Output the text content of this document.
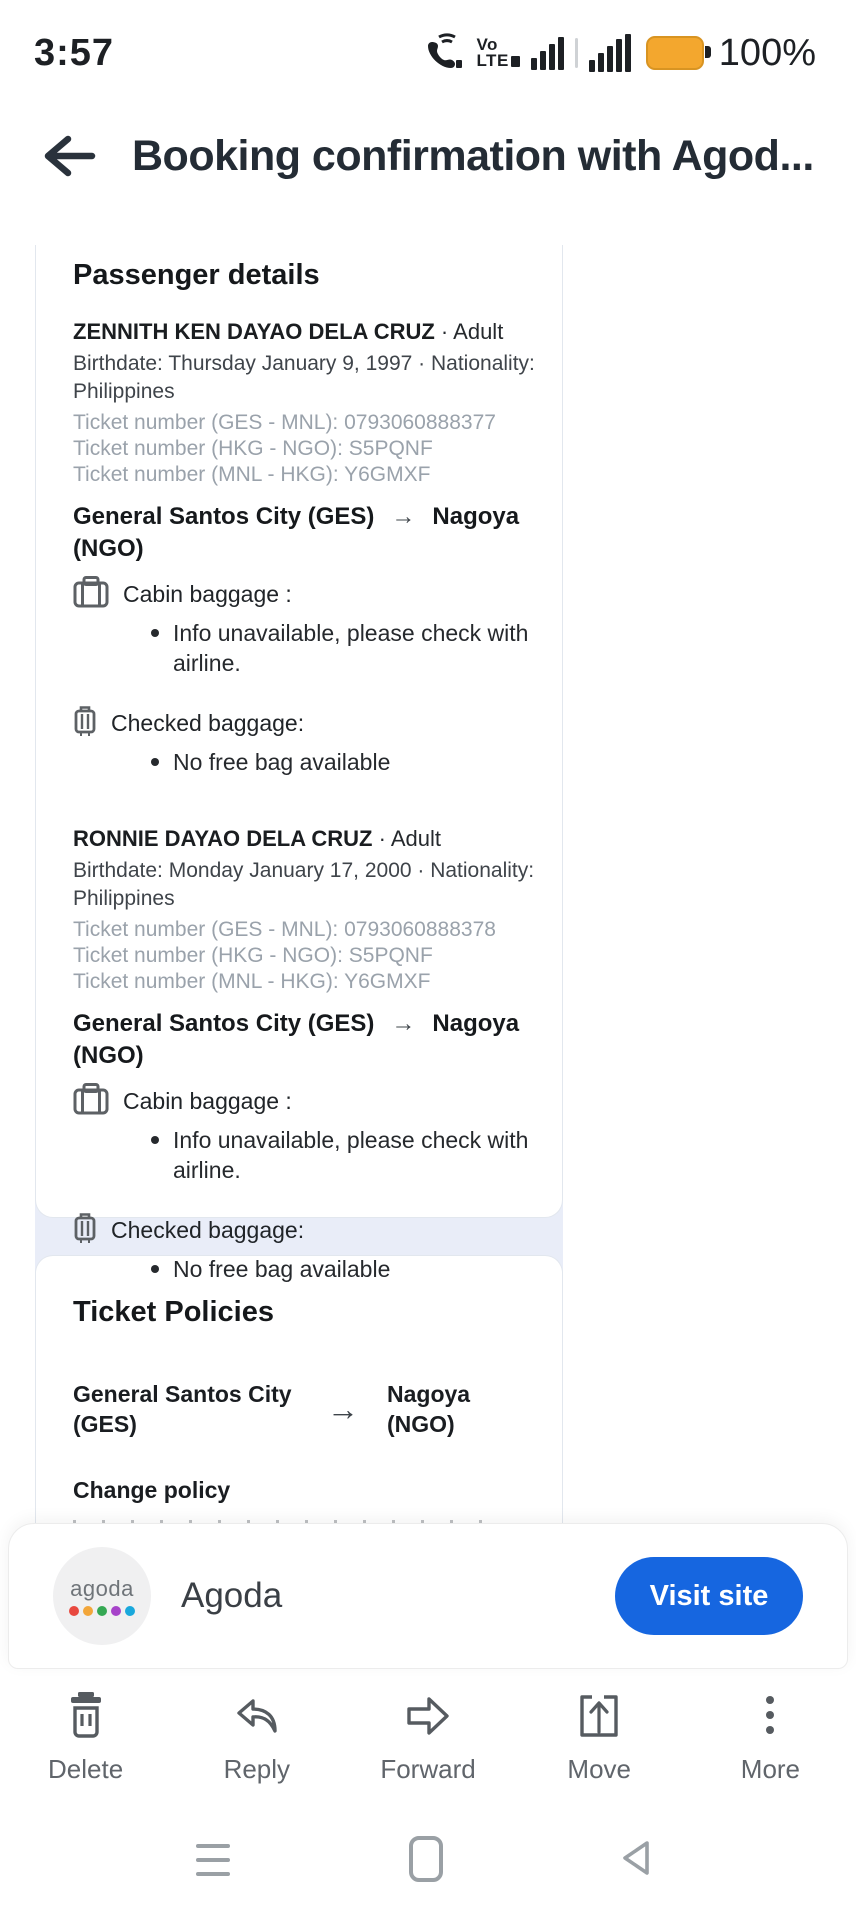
3:57	Vo
LTE	100%
Booking confirmation with Agod...
Passenger details
ZENNITH KEN DAYAO DELA CRUZ · Adult
Birthdate: Thursday January 9, 1997 · Nationality:
Philippines
Ticket number (GES - MNL): 0793060888377
Ticket number (HKG - NGO): S5PQNF
Ticket number (MNL - HKG): Y6GMXF
General Santos City (GES) → Nagoya (NGO)
Cabin baggage :
Info unavailable, please check with airline.
Checked baggage:
No free bag available
RONNIE DAYAO DELA CRUZ · Adult
Birthdate: Monday January 17, 2000 · Nationality:
Philippines
Ticket number (GES - MNL): 0793060888378
Ticket number (HKG - NGO): S5PQNF
Ticket number (MNL - HKG): Y6GMXF
General Santos City (GES) → Nagoya (NGO)
Cabin baggage :
Info unavailable, please check with airline.
Checked baggage:
No free bag available
Ticket Policies
General Santos City (GES)	→ Nagoya (NGO)
Change policy
agoda Agoda	Visit site
Delete	Reply	Forward	Move	More
